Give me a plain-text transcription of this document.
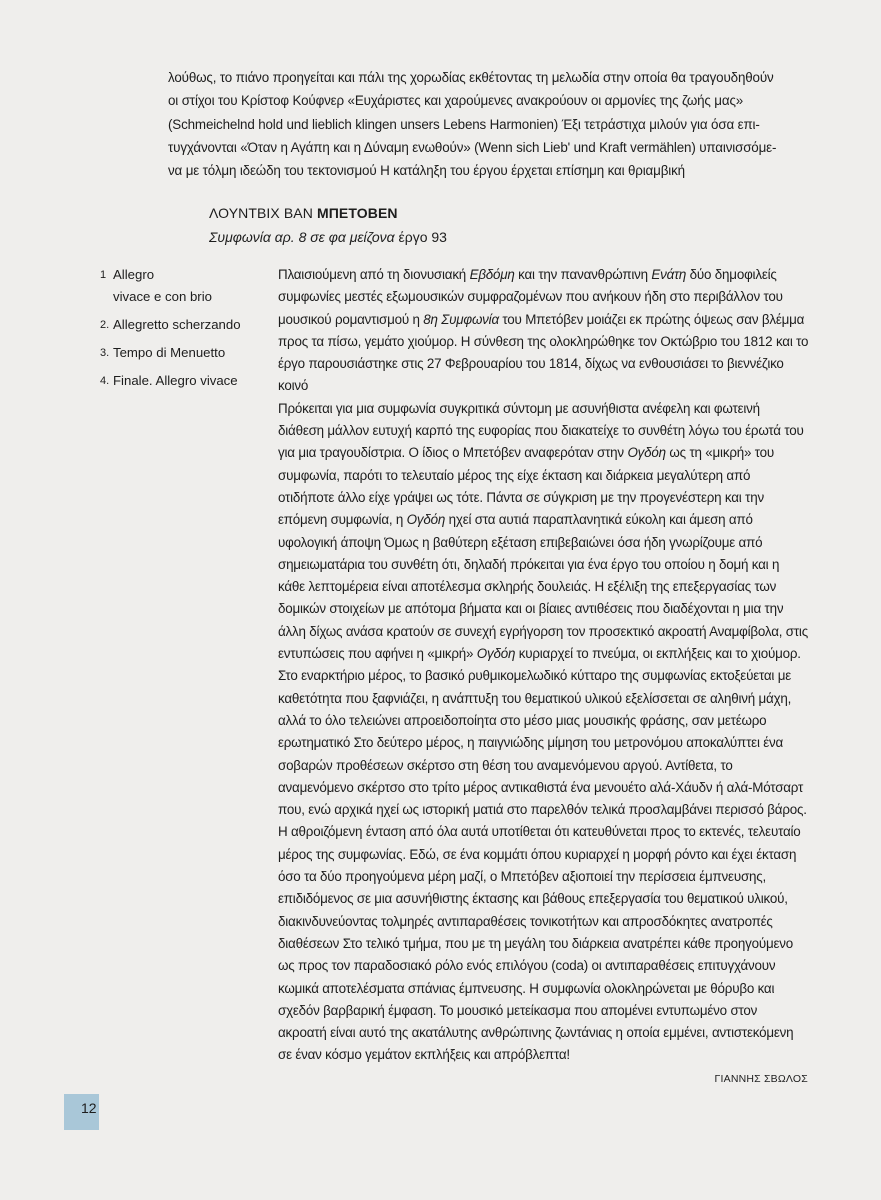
λούθως, το πιάνο προηγείται και πάλι της χορωδίας εκθέτοντας τη μελωδία στην οποία θα τραγουδηθούν

οι στίχοι του Κρίστοφ Κούφνερ «Ευχάριστες και χαρούμενες ανακρούουν οι αρμονίες της ζωής μας»

(Schmeichelnd hold und lieblich klingen unsers Lebens Harmonien) Έξι τετράστιχα μιλούν για όσα επι-

τυγχάνονται «Όταν η Αγάπη και η Δύναμη ενωθούν» (Wenn sich Lieb' und Kraft vermählen) υπαινισσόμε-

να με τόλμη ιδεώδη του τεκτονισμού Η κατάληξη του έργου έρχεται επίσημη και θριαμβική

ΛΟΥΝΤΒΙΧ ΒΑΝ ΜΠΕΤΟΒΕΝ
Συμφωνία αρ. 8 σε φα μείζονα έργο 93
1 Allegro
vivace e con brio
2. Allegretto scherzando
3. Tempo di Menuetto
4. Finale. Allegro vivace

Πλαισιούμενη από τη διονυσιακή Εβδόμη και την πανανθρώπινη Ενάτη δύο δημοφιλείς συμφωνίες μεστές εξωμουσικών συμφραζομένων που ανήκουν ήδη στο περιβάλλον του μουσικού ρομαντισμού η 8η Συμφωνία του Μπετόβεν μοιάζει εκ πρώτης όψεως σαν βλέμμα προς τα πίσω, γεμάτο χιούμορ. Η σύνθεση της ολοκληρώθηκε τον Οκτώβριο του 1812 και το έργο παρουσιάστηκε στις 27 Φεβρουαρίου του 1814, δίχως να ενθουσιάσει το βιεννέζικο κοινό

Πρόκειται για μια συμφωνία συγκριτικά σύντομη με ασυνήθιστα ανέφελη και φωτεινή διάθεση μάλλον ευτυχή καρπό της ευφορίας που διακατείχε το συνθέτη λόγω του έρωτά του για μια τραγουδίστρια. Ο ίδιος ο Μπετόβεν αναφερόταν στην Ογδόη ως τη «μικρή» του συμφωνία, παρότι το τελευταίο μέρος της είχε έκταση και διάρκεια μεγαλύτερη από οτιδήποτε άλλο είχε γράψει ως τότε. Πάντα σε σύγκριση με την προγενέστερη και την επόμενη συμφωνία, η Ογδόη ηχεί στα αυτιά παραπλανητικά εύκολη και άμεση από υφολογική άποψη Όμως η βαθύτερη εξέταση επιβεβαιώνει όσα ήδη γνωρίζουμε από σημειωματάρια του συνθέτη ότι, δηλαδή πρόκειται για ένα έργο του οποίου η δομή και η κάθε λεπτομέρεια είναι αποτέλεσμα σκληρής δουλειάς. Η εξέλιξη της επεξεργασίας των δομικών στοιχείων με απότομα βήματα και οι βίαιες αντιθέσεις που διαδέχονται η μια την άλλη δίχως ανάσα κρατούν σε συνεχή εγρήγορση τον προσεκτικό ακροατή Αναμφίβολα, στις εντυπώσεις που αφήνει η «μικρή» Ογδόη κυριαρχεί το πνεύμα, οι εκπλήξεις και το χιούμορ.

Στο εναρκτήριο μέρος, το βασικό ρυθμικομελωδικό κύτταρο της συμφωνίας εκτοξεύεται με καθετότητα που ξαφνιάζει, η ανάπτυξη του θεματικού υλικού εξελίσσεται σε αληθινή μάχη, αλλά το όλο τελειώνει απροειδοποίητα στο μέσο μιας μουσικής φράσης, σαν μετέωρο ερωτηματικό Στο δεύτερο μέρος, η παιγνιώδης μίμηση του μετρονόμου αποκαλύπτει ένα σοβαρών προθέσεων σκέρτσο στη θέση του αναμενόμενου αργού. Αντίθετα, το αναμενόμενο σκέρτσο στο τρίτο μέρος αντικαθιστά ένα μενουέτο αλά-Χάυδν ή αλά-Μότσαρτ που, ενώ αρχικά ηχεί ως ιστορική ματιά στο παρελθόν τελικά προσλαμβάνει περισσό βάρος. Η αθροιζόμενη ένταση από όλα αυτά υποτίθεται ότι κατευθύνεται προς το εκτενές, τελευταίο μέρος της συμφωνίας. Εδώ, σε ένα κομμάτι όπου κυριαρχεί η μορφή ρόντο και έχει έκταση όσο τα δύο προηγούμενα μέρη μαζί, ο Μπετόβεν αξιοποιεί την περίσσεια έμπνευσης, επιδιδόμενος σε μια ασυνήθιστης έκτασης και βάθους επεξεργασία του θεματικού υλικού, διακινδυνεύοντας τολμηρές αντιπαραθέσεις τονικοτήτων και απροσδόκητες ανατροπές διαθέσεων Στο τελικό τμήμα, που με τη μεγάλη του διάρκεια ανατρέπει κάθε προηγούμενο ως προς τον παραδοσιακό ρόλο ενός επιλόγου (coda) οι αντιπαραθέσεις επιτυγχάνουν κωμικά αποτελέσματα σπάνιας έμπνευσης. Η συμφωνία ολοκληρώνεται με θόρυβο και σχεδόν βαρβαρική έμφαση. Το μουσικό μετείκασμα που απομένει εντυπωμένο στον ακροατή είναι αυτό της ακατάλυτης ανθρώπινης ζωντάνιας η οποία εμμένει, αντιστεκόμενη σε έναν κόσμο γεμάτον εκπλήξεις και απρόβλεπτα!

ΓΙΑΝΝΗΣ ΣΒΩΛΟΣ
12
